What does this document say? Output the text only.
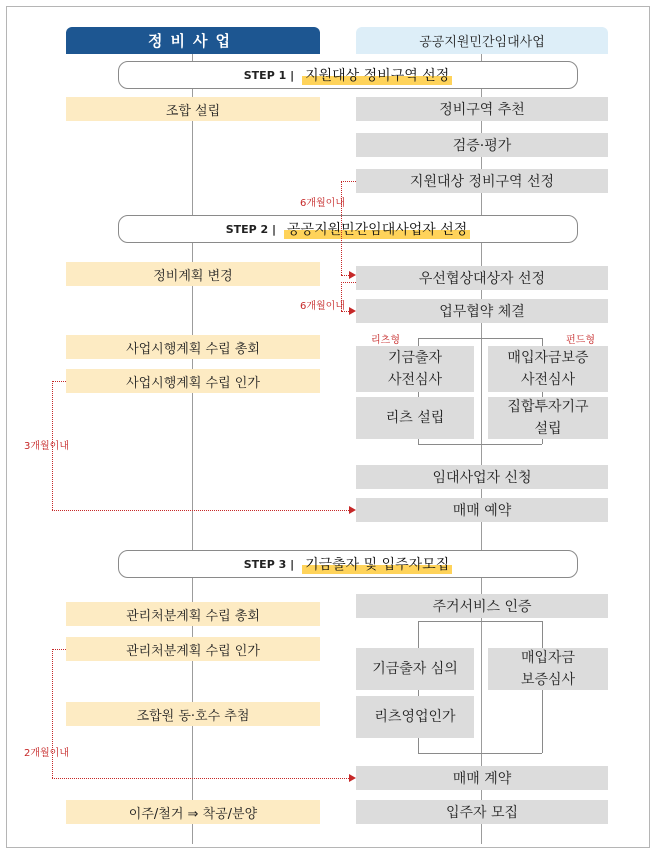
정비사업	공공지원민간임대사업
STEP 1 | 지원대상 정비구역 선정
STEP 2 | 공공지원민간임대사업자 선정
STEP 3 | 기금출자 및 입주자모집
조합 설립
정비계획 변경
사업시행계획 수립 총회
사업시행계획 수립 인가
관리처분계획 수립 총회
관리처분계획 수립 인가
조합원 동·호수 추첨
이주/철거 ⇒ 착공/분양
정비구역 추천
검증·평가
지원대상 정비구역 선정
우선협상대상자 선정
업무협약 체결
임대사업자 신청
매매 예약
주거서비스 인증
매매 계약
입주자 모집
리츠형	펀드형
기금출자
사전심사
매입자금보증
사전심사
리츠 설립
집합투자기구
설립
기금출자 심의
매입자금
보증심사
리츠영업인가
6개월이내
6개월이내
3개월이내
2개월이내
